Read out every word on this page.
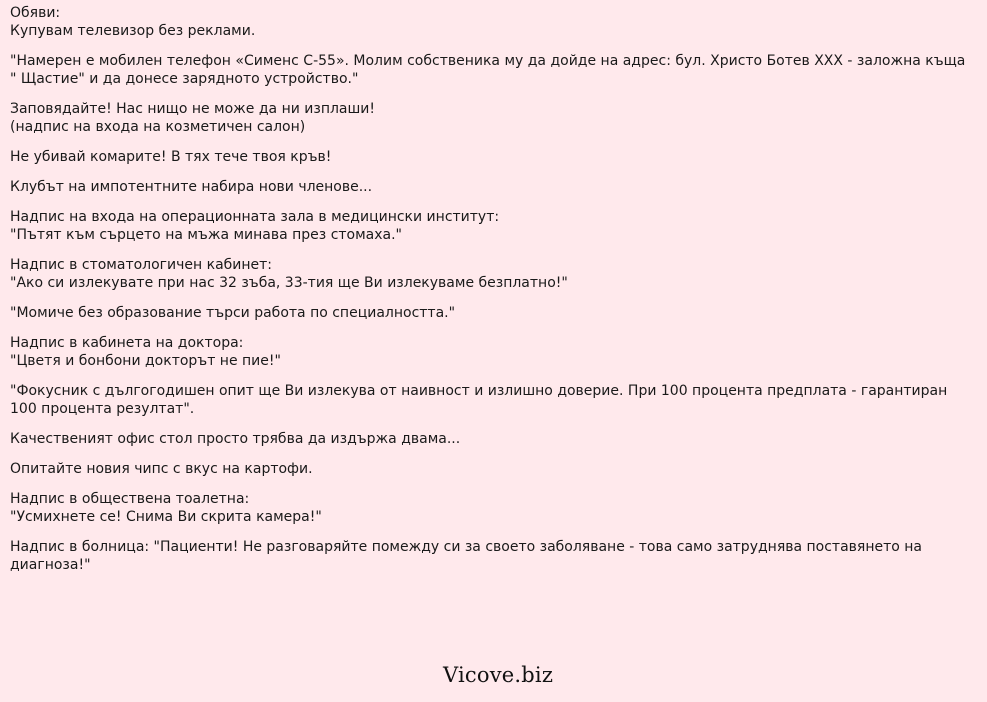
Обяви:
Купувам телевизор без реклами.

"Намерен е мобилен телефон «Сименс С-55». Молим собственика му да дойде на адрес: бул. Христо Ботев ХХХ - заложна къща " Щастие" и да донесе зарядното устройство."

Заповядайте! Нас нищо не може да ни изплаши!
(надпис на входа на козметичен салон)

Не убивай комарите! В тях тече твоя кръв!

Клубът на импотентните набира нови членове...

Надпис на входа на операционната зала в медицински институт:
"Пътят към сърцето на мъжа минава през стомаха."

Надпис в стоматологичен кабинет:
"Ако си излекувате при нас 32 зъба, 33-тия ще Ви излекуваме безплатно!"

"Момиче без образование търси работа по специалността."

Надпис в кабинета на доктора:
"Цветя и бонбони докторът не пие!"

"Фокусник с дългогодишен опит ще Ви излекува от наивност и излишно доверие. При 100 процента предплата - гарантиран 100 процента резултат".

Качественият офис стол просто трябва да издържа двама...

Опитайте новия чипс с вкус на картофи.

Надпис в обществена тоалетна:
"Усмихнете се! Снима Ви скрита камера!"

Надпис в болница: "Пациенти! Не разговаряйте помежду си за своето заболяване - това само затруднява поставянето на диагноза!"

Vicove.biz
